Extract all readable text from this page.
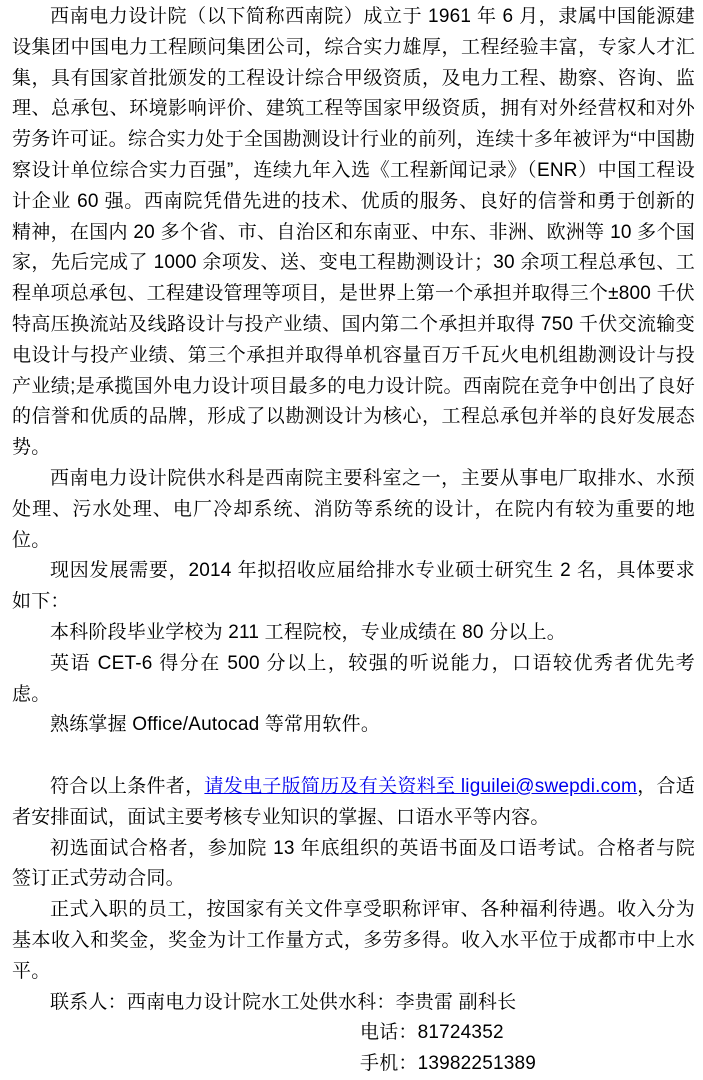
西南电力设计院（以下简称西南院）成立于 1961 年 6 月，隶属中国能源建设集团中国电力工程顾问集团公司，综合实力雄厚，工程经验丰富，专家人才汇集，具有国家首批颁发的工程设计综合甲级资质，及电力工程、勘察、咨询、监理、总承包、环境影响评价、建筑工程等国家甲级资质，拥有对外经营权和对外劳务许可证。综合实力处于全国勘测设计行业的前列，连续十多年被评为“中国勘察设计单位综合实力百强”，连续九年入选《工程新闻记录》（ENR）中国工程设计企业 60 强。西南院凭借先进的技术、优质的服务、良好的信誉和勇于创新的精神，在国内 20 多个省、市、自治区和东南亚、中东、非洲、欧洲等 10 多个国家，先后完成了 1000 余项发、送、变电工程勘测设计；30 余项工程总承包、工程单项总承包、工程建设管理等项目，是世界上第一个承担并取得三个±800 千伏特高压换流站及线路设计与投产业绩、国内第二个承担并取得 750 千伏交流输变电设计与投产业绩、第三个承担并取得单机容量百万千瓦火电机组勘测设计与投产业绩;是承揽国外电力设计项目最多的电力设计院。西南院在竞争中创出了良好的信誉和优质的品牌，形成了以勘测设计为核心，工程总承包并举的良好发展态势。

西南电力设计院供水科是西南院主要科室之一，主要从事电厂取排水、水预处理、污水处理、电厂冷却系统、消防等系统的设计，在院内有较为重要的地位。

现因发展需要，2014 年拟招收应届给排水专业硕士研究生 2 名，具体要求如下：

本科阶段毕业学校为 211 工程院校，专业成绩在 80 分以上。

英语 CET-6 得分在 500 分以上，较强的听说能力，口语较优秀者优先考虑。

熟练掌握 Office/Autocad 等常用软件。

符合以上条件者，请发电子版简历及有关资料至 liguilei@swepdi.com，合适者安排面试，面试主要考核专业知识的掌握、口语水平等内容。

初选面试合格者，参加院 13 年底组织的英语书面及口语考试。合格者与院签订正式劳动合同。

正式入职的员工，按国家有关文件享受职称评审、各种福利待遇。收入分为基本收入和奖金，奖金为计工作量方式，多劳多得。收入水平位于成都市中上水平。

联系人：西南电力设计院水工处供水科：李贵雷 副科长

电话：81724352

手机：13982251389
